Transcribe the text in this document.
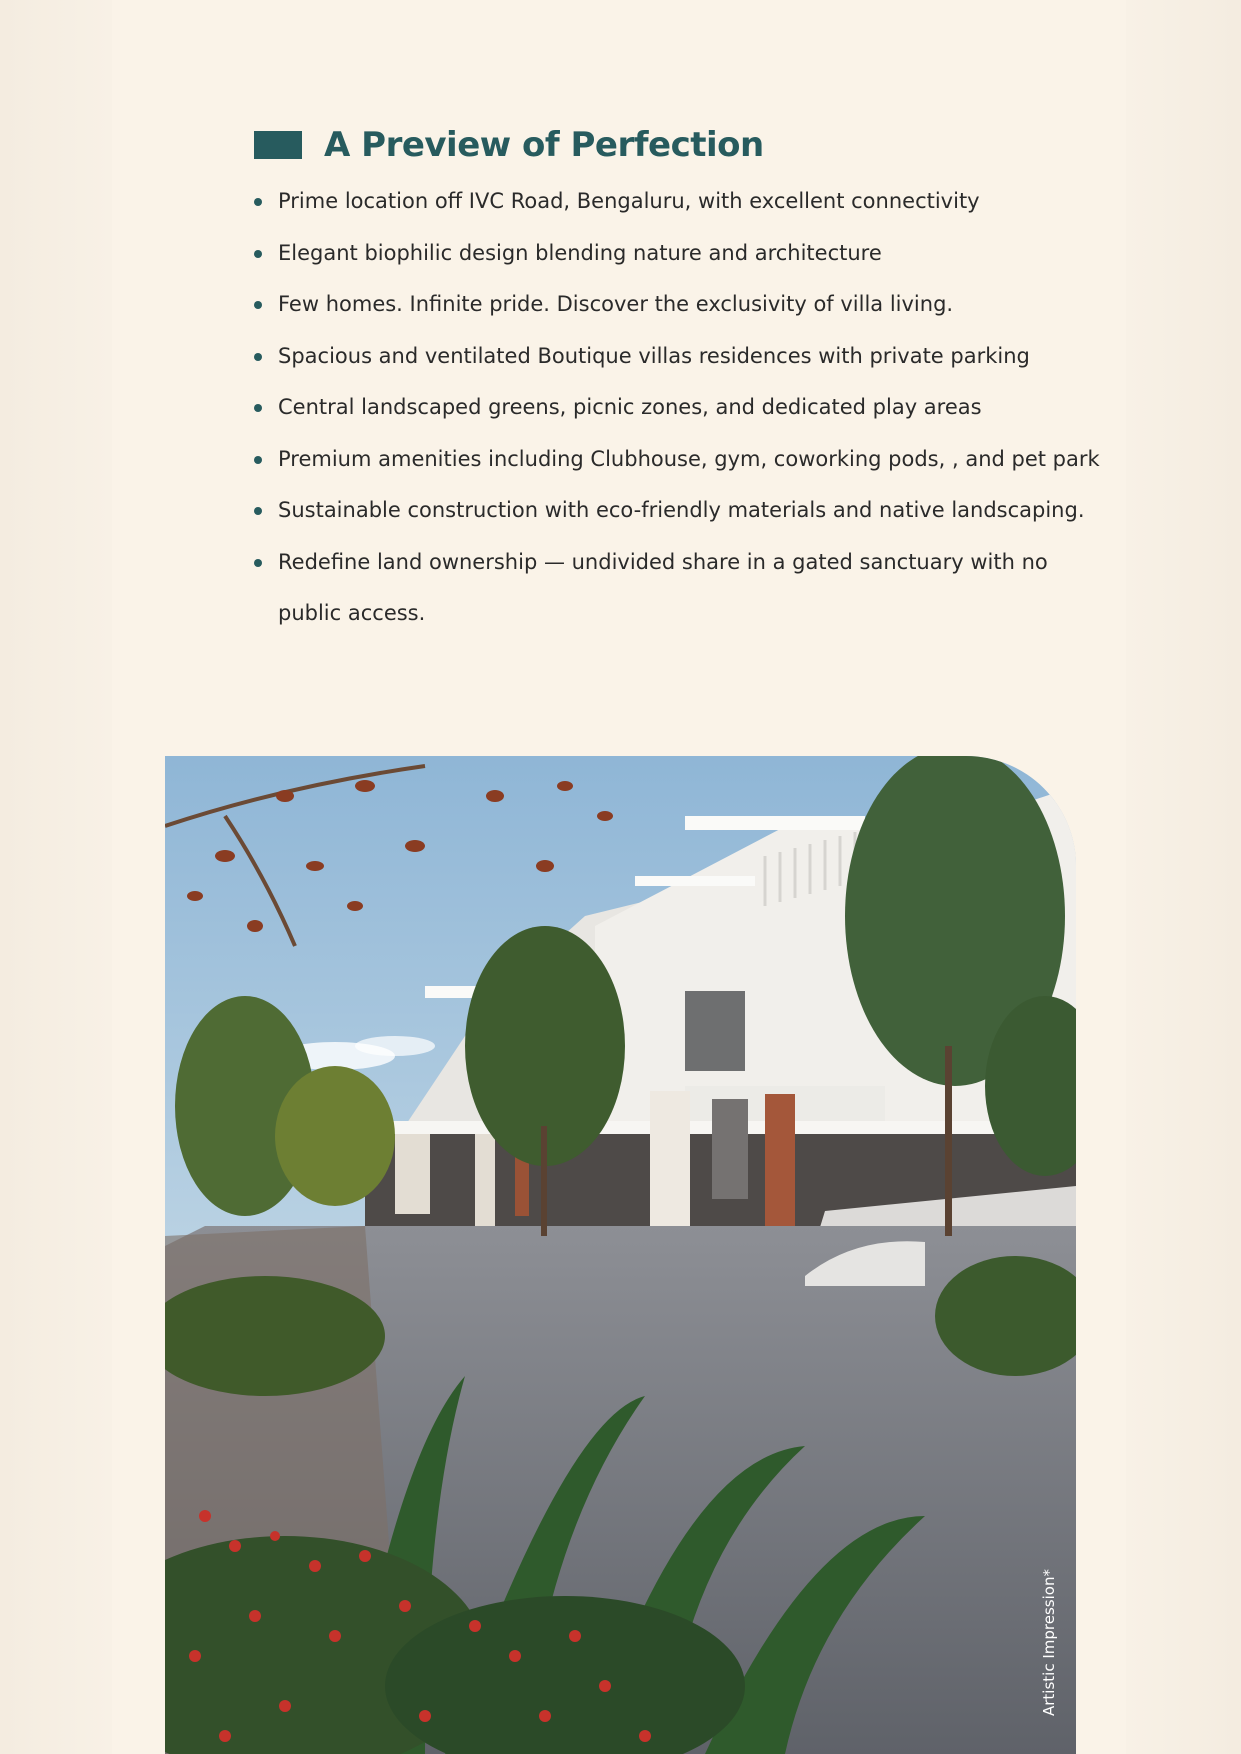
A Preview of Perfection
Prime location off IVC Road, Bengaluru, with excellent connectivity
Elegant biophilic design blending nature and architecture
Few homes. Infinite pride. Discover the exclusivity of villa living.
Spacious and ventilated Boutique villas residences with private parking
Central landscaped greens, picnic zones, and dedicated play areas
Premium amenities including Clubhouse, gym, coworking pods, , and pet park
Sustainable construction with eco-friendly materials and native landscaping.
Redefine land ownership — undivided share in a gated sanctuary with no public access.
Artistic Impression*
